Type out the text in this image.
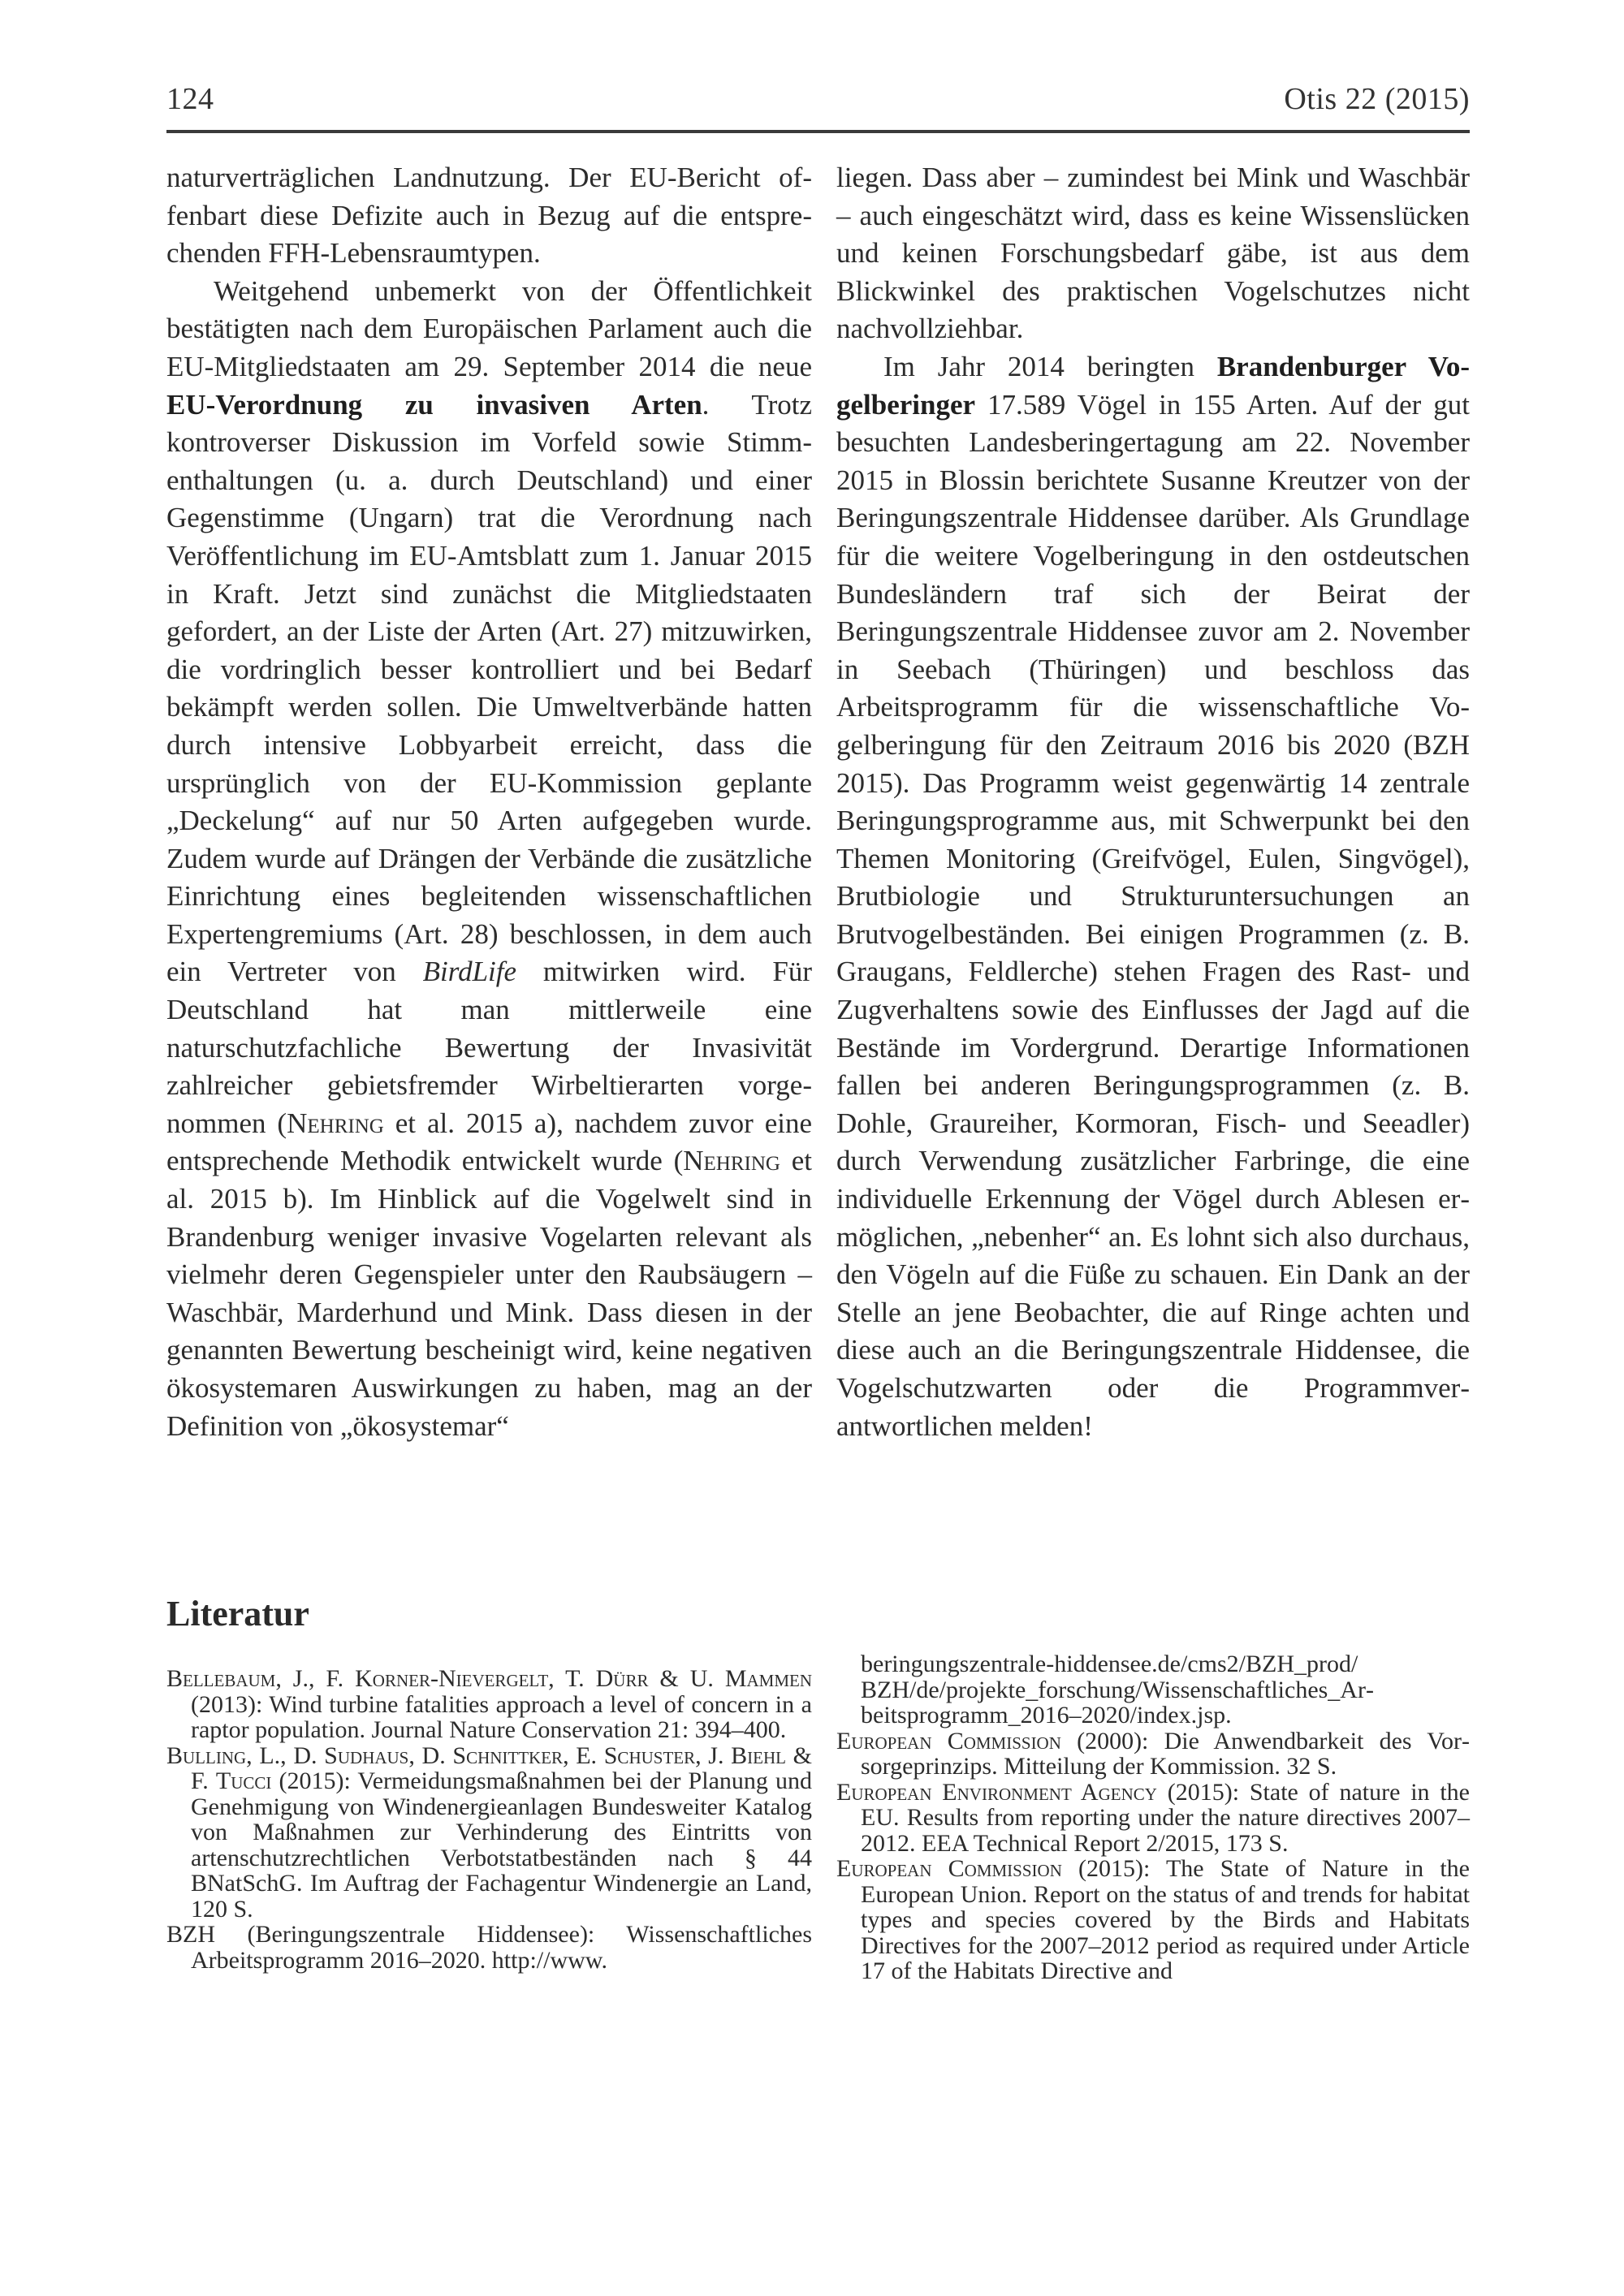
124	Otis 22 (2015)

naturverträglichen Landnutzung. Der EU-Bericht offenbart diese Defizite auch in Bezug auf die entsprechenden FFH-Lebensraumtypen.

Weitgehend unbemerkt von der Öffentlichkeit bestätigten nach dem Europäischen Parlament auch die EU-Mitgliedstaaten am 29. September 2014 die neue EU-Verordnung zu invasiven Arten. Trotz kontroverser Diskussion im Vorfeld sowie Stimmenthaltungen (u. a. durch Deutschland) und einer Gegenstimme (Ungarn) trat die Verordnung nach Veröffentlichung im EU-Amtsblatt zum 1. Januar 2015 in Kraft. Jetzt sind zunächst die Mitgliedstaaten gefordert, an der Liste der Arten (Art. 27) mitzuwirken, die vordringlich besser kontrolliert und bei Bedarf bekämpft werden sollen. Die Umweltverbände hatten durch intensive Lobbyarbeit erreicht, dass die ursprünglich von der EU-Kommission geplante „Deckelung“ auf nur 50 Arten aufgegeben wurde. Zudem wurde auf Drängen der Verbände die zusätzliche Einrichtung eines begleitenden wissenschaftlichen Expertengremiums (Art. 28) beschlossen, in dem auch ein Vertreter von BirdLife mitwirken wird. Für Deutschland hat man mittlerweile eine naturschutzfachliche Bewertung der Invasivität zahlreicher gebietsfremder Wirbeltierarten vorgenommen (Nehring et al. 2015 a), nachdem zuvor eine entsprechende Methodik entwickelt wurde (Nehring et al. 2015 b). Im Hinblick auf die Vogelwelt sind in Brandenburg weniger invasive Vogelarten relevant als vielmehr deren Gegenspieler unter den Raubsäugern – Waschbär, Marderhund und Mink. Dass diesen in der genannten Bewertung bescheinigt wird, keine negativen ökosystemaren Auswirkungen zu haben, mag an der Definition von „ökosystemar“

liegen. Dass aber – zumindest bei Mink und Waschbär – auch eingeschätzt wird, dass es keine Wissenslücken und keinen Forschungsbedarf gäbe, ist aus dem Blickwinkel des praktischen Vogelschutzes nicht nachvollziehbar.

Im Jahr 2014 beringten Brandenburger Vogelberinger 17.589 Vögel in 155 Arten. Auf der gut besuchten Landesberingertagung am 22. November 2015 in Blossin berichtete Susanne Kreutzer von der Beringungszentrale Hiddensee darüber. Als Grundlage für die weitere Vogelberingung in den ostdeutschen Bundesländern traf sich der Beirat der Beringungszentrale Hiddensee zuvor am 2. November in Seebach (Thüringen) und beschloss das Arbeitsprogramm für die wissenschaftliche Vogelberingung für den Zeitraum 2016 bis 2020 (BZH 2015). Das Programm weist gegenwärtig 14 zentrale Beringungsprogramme aus, mit Schwerpunkt bei den Themen Monitoring (Greifvögel, Eulen, Singvögel), Brutbiologie und Strukturuntersuchungen an Brutvogelbeständen. Bei einigen Programmen (z. B. Graugans, Feldlerche) stehen Fragen des Rast- und Zugverhaltens sowie des Einflusses der Jagd auf die Bestände im Vordergrund. Derartige Informationen fallen bei anderen Beringungsprogrammen (z. B. Dohle, Graureiher, Kormoran, Fisch- und Seeadler) durch Verwendung zusätzlicher Farbringe, die eine individuelle Erkennung der Vögel durch Ablesen ermöglichen, „nebenher“ an. Es lohnt sich also durchaus, den Vögeln auf die Füße zu schauen. Ein Dank an der Stelle an jene Beobachter, die auf Ringe achten und diese auch an die Beringungszentrale Hiddensee, die Vogelschutzwarten oder die Programmverantwortlichen melden!

Literatur

Bellebaum, J., F. Korner-Nievergelt, T. Dürr & U. Mammen (2013): Wind turbine fatalities approach a level of concern in a raptor population. Journal Nature Conservation 21: 394–400.

Bulling, L., D. Sudhaus, D. Schnittker, E. Schuster, J. Biehl & F. Tucci (2015): Vermeidungsmaßnahmen bei der Planung und Genehmigung von Windenergieanlagen Bundesweiter Katalog von Maßnahmen zur Verhinderung des Eintritts von artenschutzrechtlichen Verbotstatbeständen nach § 44 BNatSchG. Im Auftrag der Fachagentur Windenergie an Land, 120 S.

BZH (Beringungszentrale Hiddensee): Wissenschaftliches Arbeitsprogramm 2016–2020. http://www.

beringungszentrale-hiddensee.de/cms2/BZH_prod/ BZH/de/projekte_forschung/Wissenschaftliches_Arbeitsprogramm_2016–2020/index.jsp.

European Commission (2000): Die Anwendbarkeit des Vorsorgeprinzips. Mitteilung der Kommission. 32 S.

European Environment Agency (2015): State of nature in the EU. Results from reporting under the nature directives 2007–2012. EEA Technical Report 2/2015, 173 S.

European Commission (2015): The State of Nature in the European Union. Report on the status of and trends for habitat types and species covered by the Birds and Habitats Directives for the 2007–2012 period as required under Article 17 of the Habitats Directive and
